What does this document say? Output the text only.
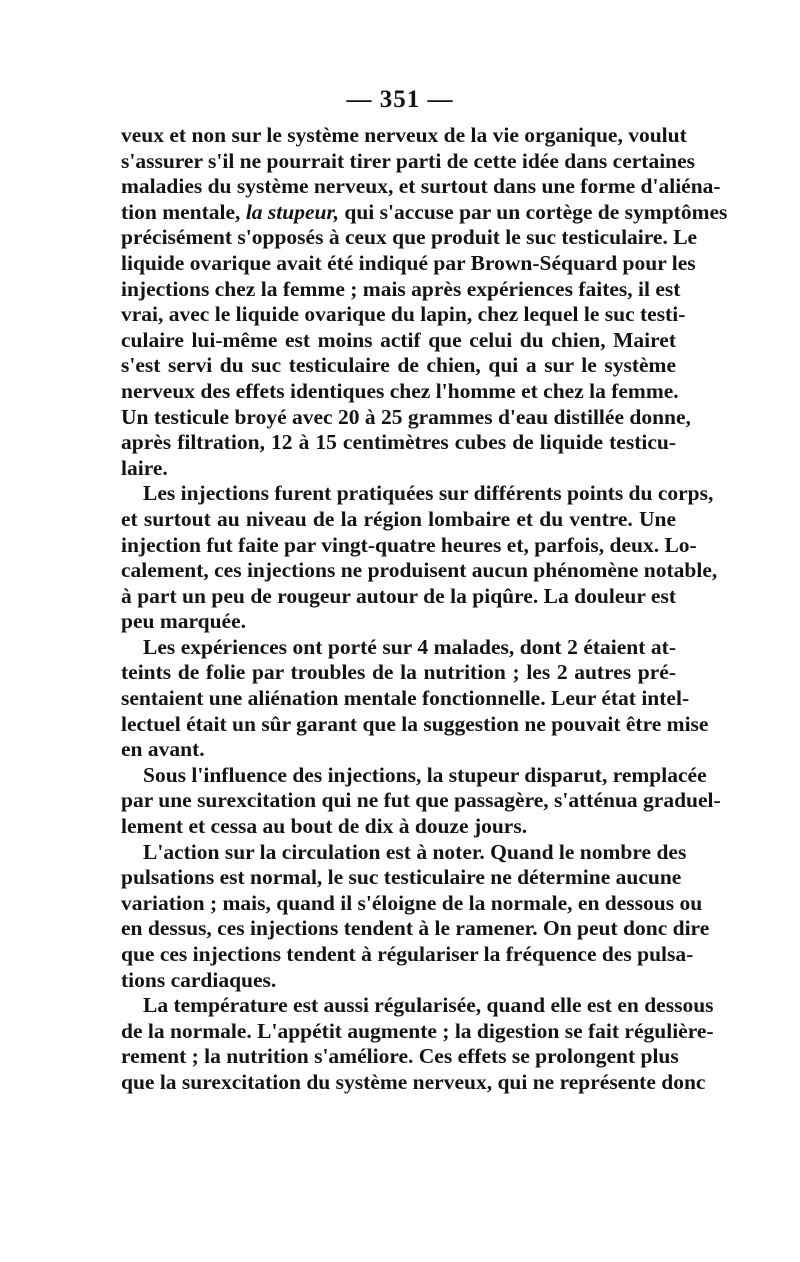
— 351 —
veux et non sur le système nerveux de la vie organique, voulut
s'assurer s'il ne pourrait tirer parti de cette idée dans certaines
maladies du système nerveux, et surtout dans une forme d'aliéna-
tion mentale, la stupeur, qui s'accuse par un cortège de symptômes
précisément s'opposés à ceux que produit le suc testiculaire. Le
liquide ovarique avait été indiqué par Brown-Séquard pour les
injections chez la femme ; mais après expériences faites, il est
vrai, avec le liquide ovarique du lapin, chez lequel le suc testi-
culaire lui-même est moins actif que celui du chien, Mairet
s'est servi du suc testiculaire de chien, qui a sur le système
nerveux des effets identiques chez l'homme et chez la femme.
Un testicule broyé avec 20 à 25 grammes d'eau distillée donne,
après filtration, 12 à 15 centimètres cubes de liquide testicu-
laire.
Les injections furent pratiquées sur différents points du corps,
et surtout au niveau de la région lombaire et du ventre. Une
injection fut faite par vingt-quatre heures et, parfois, deux. Lo-
calement, ces injections ne produisent aucun phénomène notable,
à part un peu de rougeur autour de la piqûre. La douleur est
peu marquée.
Les expériences ont porté sur 4 malades, dont 2 étaient at-
teints de folie par troubles de la nutrition ; les 2 autres pré-
sentaient une aliénation mentale fonctionnelle. Leur état intel-
lectuel était un sûr garant que la suggestion ne pouvait être mise
en avant.
Sous l'influence des injections, la stupeur disparut, remplacée
par une surexcitation qui ne fut que passagère, s'atténua graduel-
lement et cessa au bout de dix à douze jours.
L'action sur la circulation est à noter. Quand le nombre des
pulsations est normal, le suc testiculaire ne détermine aucune
variation ; mais, quand il s'éloigne de la normale, en dessous ou
en dessus, ces injections tendent à le ramener. On peut donc dire
que ces injections tendent à régulariser la fréquence des pulsa-
tions cardiaques.
La température est aussi régularisée, quand elle est en dessous
de la normale. L'appétit augmente ; la digestion se fait régulière-
rement ; la nutrition s'améliore. Ces effets se prolongent plus
que la surexcitation du système nerveux, qui ne représente donc
